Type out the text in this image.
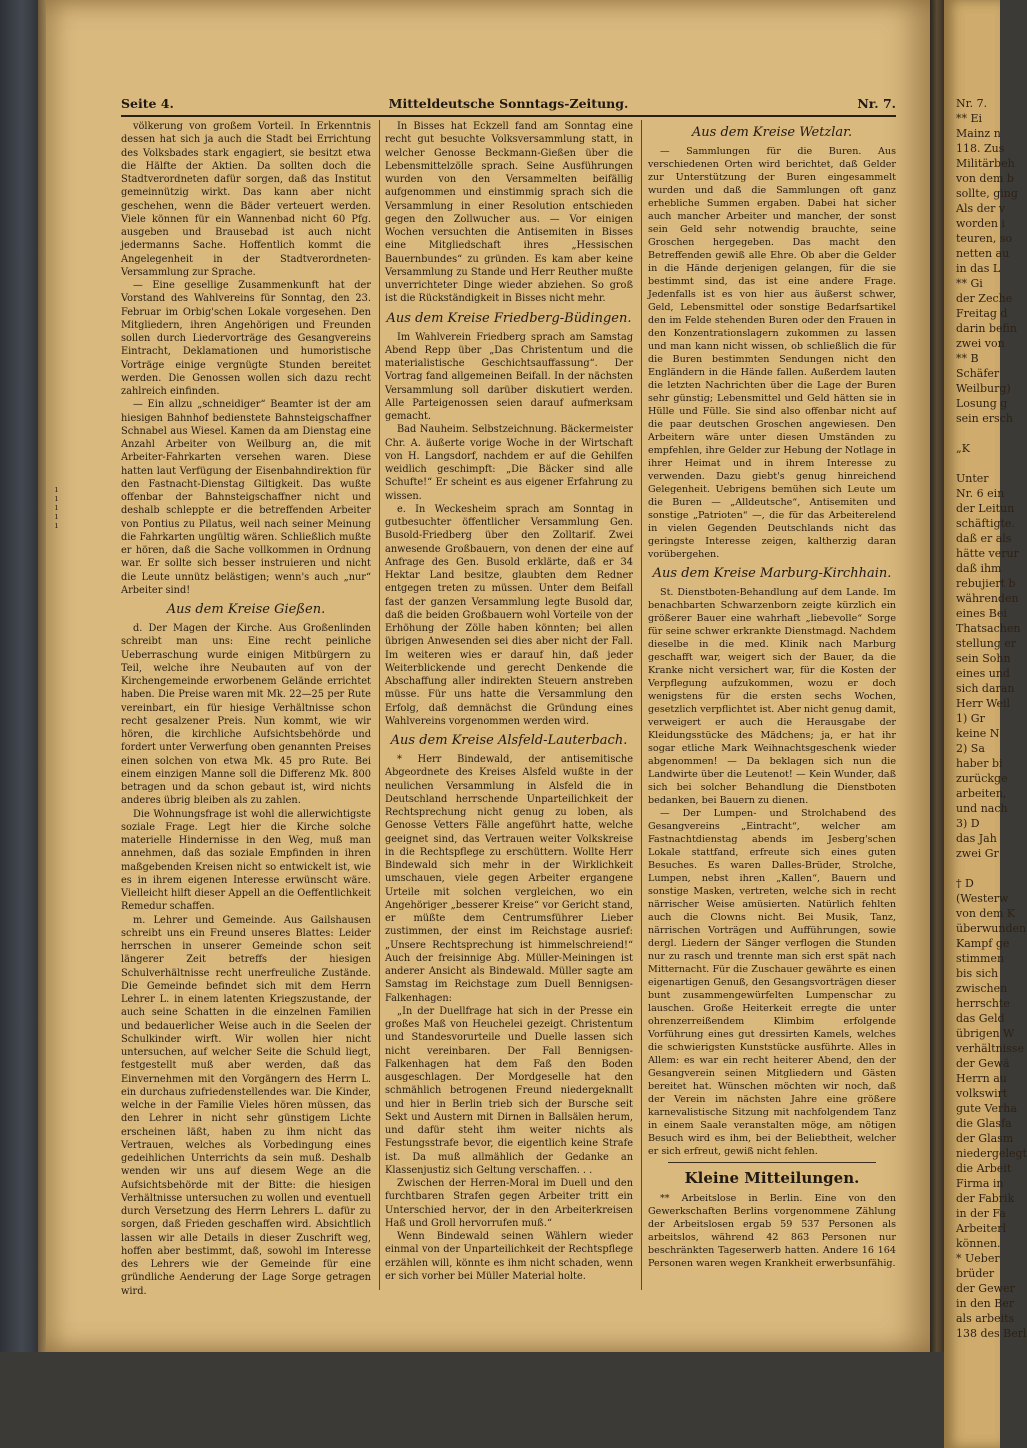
Seite 4.	Mitteldeutsche Sonntags-Zeitung.	Nr. 7.
ı
ı
ı
ı
ı

völkerung von großem Vorteil. In Erkenntnis dessen hat sich ja auch die Stadt bei Errichtung des Volksbades stark engagiert, sie besitzt etwa die Hälfte der Aktien. Da sollten doch die Stadtverordneten dafür sorgen, daß das Institut gemeinnützig wirkt. Das kann aber nicht geschehen, wenn die Bäder verteuert werden. Viele können für ein Wannenbad nicht 60 Pfg. ausgeben und Brausebad ist auch nicht jedermanns Sache. Hoffentlich kommt die Angelegenheit in der Stadtverordneten-Versammlung zur Sprache.

— Eine gesellige Zusammenkunft hat der Vorstand des Wahlvereins für Sonntag, den 23. Februar im Orbig'schen Lokale vorgesehen. Den Mitgliedern, ihren Angehörigen und Freunden sollen durch Liedervorträge des Gesangvereins Eintracht, Deklamationen und humoristische Vorträge einige vergnügte Stunden bereitet werden. Die Genossen wollen sich dazu recht zahlreich einfinden.

— Ein allzu „schneidiger“ Beamter ist der am hiesigen Bahnhof bedienstete Bahnsteigschaffner Schnabel aus Wiesel. Kamen da am Dienstag eine Anzahl Arbeiter von Weilburg an, die mit Arbeiter-Fahrkarten versehen waren. Diese hatten laut Verfügung der Eisenbahndirektion für den Fastnacht-Dienstag Giltigkeit. Das wußte offenbar der Bahnsteigschaffner nicht und deshalb schleppte er die betreffenden Arbeiter von Pontius zu Pilatus, weil nach seiner Meinung die Fahrkarten ungültig wären. Schließlich mußte er hören, daß die Sache vollkommen in Ordnung war. Er sollte sich besser instruieren und nicht die Leute unnütz belästigen; wenn's auch „nur“ Arbeiter sind!

Aus dem Kreise Gießen.

d. Der Magen der Kirche. Aus Großenlinden schreibt man uns: Eine recht peinliche Ueberraschung wurde einigen Mitbürgern zu Teil, welche ihre Neubauten auf von der Kirchengemeinde erworbenem Gelände errichtet haben. Die Preise waren mit Mk. 22—25 per Rute vereinbart, ein für hiesige Verhältnisse schon recht gesalzener Preis. Nun kommt, wie wir hören, die kirchliche Aufsichtsbehörde und fordert unter Verwerfung oben genannten Preises einen solchen von etwa Mk. 45 pro Rute. Bei einem einzigen Manne soll die Differenz Mk. 800 betragen und da schon gebaut ist, wird nichts anderes übrig bleiben als zu zahlen.

Die Wohnungsfrage ist wohl die allerwichtigste soziale Frage. Legt hier die Kirche solche materielle Hindernisse in den Weg, muß man annehmen, daß das soziale Empfinden in ihren maßgebenden Kreisen nicht so entwickelt ist, wie es in ihrem eigenen Interesse erwünscht wäre. Vielleicht hilft dieser Appell an die Oeffentlichkeit Remedur schaffen.

m. Lehrer und Gemeinde. Aus Gailshausen schreibt uns ein Freund unseres Blattes: Leider herrschen in unserer Gemeinde schon seit längerer Zeit betreffs der hiesigen Schulverhältnisse recht unerfreuliche Zustände. Die Gemeinde befindet sich mit dem Herrn Lehrer L. in einem latenten Kriegszustande, der auch seine Schatten in die einzelnen Familien und bedauerlicher Weise auch in die Seelen der Schulkinder wirft. Wir wollen hier nicht untersuchen, auf welcher Seite die Schuld liegt, festgestellt muß aber werden, daß das Einvernehmen mit den Vorgängern des Herrn L. ein durchaus zufriedenstellendes war. Die Kinder, welche in der Familie Vieles hören müssen, das den Lehrer in nicht sehr günstigem Lichte erscheinen läßt, haben zu ihm nicht das Vertrauen, welches als Vorbedingung eines gedeihlichen Unterrichts da sein muß. Deshalb wenden wir uns auf diesem Wege an die Aufsichtsbehörde mit der Bitte: die hiesigen Verhältnisse untersuchen zu wollen und eventuell durch Versetzung des Herrn Lehrers L. dafür zu sorgen, daß Frieden geschaffen wird. Absichtlich lassen wir alle Details in dieser Zuschrift weg, hoffen aber bestimmt, daß, sowohl im Interesse des Lehrers wie der Gemeinde für eine gründliche Aenderung der Lage Sorge getragen wird.

In Bisses hat Eckzell fand am Sonntag eine recht gut besuchte Volksversammlung statt, in welcher Genosse Beckmann-Gießen über die Lebensmittelzölle sprach. Seine Ausführungen wurden von den Versammelten beifällig aufgenommen und einstimmig sprach sich die Versammlung in einer Resolution entschieden gegen den Zollwucher aus. — Vor einigen Wochen versuchten die Antisemiten in Bisses eine Mitgliedschaft ihres „Hessischen Bauernbundes“ zu gründen. Es kam aber keine Versammlung zu Stande und Herr Reuther mußte unverrichteter Dinge wieder abziehen. So groß ist die Rückständigkeit in Bisses nicht mehr.

Aus dem Kreise Friedberg-Büdingen.

Im Wahlverein Friedberg sprach am Samstag Abend Repp über „Das Christentum und die materialistische Geschichtsauffassung“. Der Vortrag fand allgemeinen Beifall. In der nächsten Versammlung soll darüber diskutiert werden. Alle Parteigenossen seien darauf aufmerksam gemacht.

Bad Nauheim. Selbstzeichnung. Bäckermeister Chr. A. äußerte vorige Woche in der Wirtschaft von H. Langsdorf, nachdem er auf die Gehilfen weidlich geschimpft: „Die Bäcker sind alle Schufte!“ Er scheint es aus eigener Erfahrung zu wissen.

e. In Weckesheim sprach am Sonntag in gutbesuchter öffentlicher Versammlung Gen. Busold-Friedberg über den Zolltarif. Zwei anwesende Großbauern, von denen der eine auf Anfrage des Gen. Busold erklärte, daß er 34 Hektar Land besitze, glaubten dem Redner entgegen treten zu müssen. Unter dem Beifall fast der ganzen Versammlung legte Busold dar, daß die beiden Großbauern wohl Vorteile von der Erhöhung der Zölle haben könnten; bei allen übrigen Anwesenden sei dies aber nicht der Fall. Im weiteren wies er darauf hin, daß jeder Weiterblickende und gerecht Denkende die Abschaffung aller indirekten Steuern anstreben müsse. Für uns hatte die Versammlung den Erfolg, daß demnächst die Gründung eines Wahlvereins vorgenommen werden wird.

Aus dem Kreise Alsfeld-Lauterbach.

* Herr Bindewald, der antisemitische Abgeordnete des Kreises Alsfeld wußte in der neulichen Versammlung in Alsfeld die in Deutschland herrschende Unparteilichkeit der Rechtsprechung nicht genug zu loben, als Genosse Vetters Fälle angeführt hatte, welche geeignet sind, das Vertrauen weiter Volkskreise in die Rechtspflege zu erschüttern. Wollte Herr Bindewald sich mehr in der Wirklichkeit umschauen, viele gegen Arbeiter ergangene Urteile mit solchen vergleichen, wo ein Angehöriger „besserer Kreise“ vor Gericht stand, er müßte dem Centrumsführer Lieber zustimmen, der einst im Reichstage ausrief: „Unsere Rechtsprechung ist himmelschreiend!“ Auch der freisinnige Abg. Müller-Meiningen ist anderer Ansicht als Bindewald. Müller sagte am Samstag im Reichstage zum Duell Bennigsen-Falkenhagen:

„In der Duellfrage hat sich in der Presse ein großes Maß von Heuchelei gezeigt. Christentum und Standesvorurteile und Duelle lassen sich nicht vereinbaren. Der Fall Bennigsen-Falkenhagen hat dem Faß den Boden ausgeschlagen. Der Mordgeselle hat den schmählich betrogenen Freund niedergeknallt und hier in Berlin trieb sich der Bursche seit Sekt und Austern mit Dirnen in Ballsälen herum, und dafür steht ihm weiter nichts als Festungsstrafe bevor, die eigentlich keine Strafe ist. Da muß allmählich der Gedanke an Klassenjustiz sich Geltung verschaffen. . .

Zwischen der Herren-Moral im Duell und den furchtbaren Strafen gegen Arbeiter tritt ein Unterschied hervor, der in den Arbeiterkreisen Haß und Groll hervorrufen muß.“

Wenn Bindewald seinen Wählern wieder einmal von der Unparteilichkeit der Rechtspflege erzählen will, könnte es ihm nicht schaden, wenn er sich vorher bei Müller Material holte.

Aus dem Kreise Wetzlar.

— Sammlungen für die Buren. Aus verschiedenen Orten wird berichtet, daß Gelder zur Unterstützung der Buren eingesammelt wurden und daß die Sammlungen oft ganz erhebliche Summen ergaben. Dabei hat sicher auch mancher Arbeiter und mancher, der sonst sein Geld sehr notwendig brauchte, seine Groschen hergegeben. Das macht den Betreffenden gewiß alle Ehre. Ob aber die Gelder in die Hände derjenigen gelangen, für die sie bestimmt sind, das ist eine andere Frage. Jedenfalls ist es von hier aus äußerst schwer, Geld, Lebensmittel oder sonstige Bedarfsartikel den im Felde stehenden Buren oder den Frauen in den Konzentrationslagern zukommen zu lassen und man kann nicht wissen, ob schließlich die für die Buren bestimmten Sendungen nicht den Engländern in die Hände fallen. Außerdem lauten die letzten Nachrichten über die Lage der Buren sehr günstig; Lebensmittel und Geld hätten sie in Hülle und Fülle. Sie sind also offenbar nicht auf die paar deutschen Groschen angewiesen. Den Arbeitern wäre unter diesen Umständen zu empfehlen, ihre Gelder zur Hebung der Notlage in ihrer Heimat und in ihrem Interesse zu verwenden. Dazu giebt's genug hinreichend Gelegenheit. Uebrigens bemühen sich Leute um die Buren — „Alldeutsche“, Antisemiten und sonstige „Patrioten“ —, die für das Arbeiterelend in vielen Gegenden Deutschlands nicht das geringste Interesse zeigen, kaltherzig daran vorübergehen.

Aus dem Kreise Marburg-Kirchhain.

St. Dienstboten-Behandlung auf dem Lande. Im benachbarten Schwarzenborn zeigte kürzlich ein größerer Bauer eine wahrhaft „liebevolle“ Sorge für seine schwer erkrankte Dienstmagd. Nachdem dieselbe in die med. Klinik nach Marburg geschafft war, weigert sich der Bauer, da die Kranke nicht versichert war, für die Kosten der Verpflegung aufzukommen, wozu er doch wenigstens für die ersten sechs Wochen, gesetzlich verpflichtet ist. Aber nicht genug damit, verweigert er auch die Herausgabe der Kleidungsstücke des Mädchens; ja, er hat ihr sogar etliche Mark Weihnachtsgeschenk wieder abgenommen! — Da beklagen sich nun die Landwirte über die Leutenot! — Kein Wunder, daß sich bei solcher Behandlung die Dienstboten bedanken, bei Bauern zu dienen.

— Der Lumpen- und Strolchabend des Gesangvereins „Eintracht“, welcher am Fastnachtdienstag abends im Jesberg'schen Lokale stattfand, erfreute sich eines guten Besuches. Es waren Dalles-Brüder, Strolche, Lumpen, nebst ihren „Kallen“, Bauern und sonstige Masken, vertreten, welche sich in recht närrischer Weise amüsierten. Natürlich fehlten auch die Clowns nicht. Bei Musik, Tanz, närrischen Vorträgen und Aufführungen, sowie dergl. Liedern der Sänger verflogen die Stunden nur zu rasch und trennte man sich erst spät nach Mitternacht. Für die Zuschauer gewährte es einen eigenartigen Genuß, den Gesangsvorträgen dieser bunt zusammengewürfelten Lumpenschar zu lauschen. Große Heiterkeit erregte die unter ohrenzerreißendem Klimbim erfolgende Vorführung eines gut dressirten Kamels, welches die schwierigsten Kunststücke ausführte. Alles in Allem: es war ein recht heiterer Abend, den der Gesangverein seinen Mitgliedern und Gästen bereitet hat. Wünschen möchten wir noch, daß der Verein im nächsten Jahre eine größere karnevalistische Sitzung mit nachfolgendem Tanz in einem Saale veranstalten möge, am nötigen Besuch wird es ihm, bei der Beliebtheit, welcher er sich erfreut, gewiß nicht fehlen.

Kleine Mitteilungen.

** Arbeitslose in Berlin. Eine von den Gewerkschaften Berlins vorgenommene Zählung der Arbeitslosen ergab 59 537 Personen als arbeitslos, während 42 863 Personen nur beschränkten Tageserwerb hatten. Andere 16 164 Personen waren wegen Krankheit erwerbsunfähig.

Nr. 7.
** Ei
Mainz n
118. Zus
Militärbeh
von dem b
sollte, ging
Als der v
worden i
teuren, so
netten au
in das L
** Gi
der Zeche
Freitag d
darin befin
zwei von
** B
Schäfer
Weilburg)
Losung g
sein ersch

„K

Unter
Nr. 6 ein
der Leitun
schäftigte.
daß er als
hätte verur
daß ihm
rebujiert b
währenden
eines Bei
Thatsachen
stellung er
sein Sohn
eines und
sich daran
Herr Weil
1) Gr
keine N
2) Sa
haber bi
zurückge
arbeiten,
und nach
3) D
das Jah
zwei Gr

† D
(Westerw
von dem K
überwunden
Kampf ge
stimmen
bis sich
zwischen
herrschte
das Geld
übrigen W
verhältnisse
der Gewä
Herrn au
volkswirt
gute Verha
die Glasfa
der Glasm
niedergelegt
die Arbeit
Firma in
der Fabrik
in der Fa
Arbeiterl
können.
* Ueber
brüder
der Gewer
in den Ber
als arbeits
138 des Berl
